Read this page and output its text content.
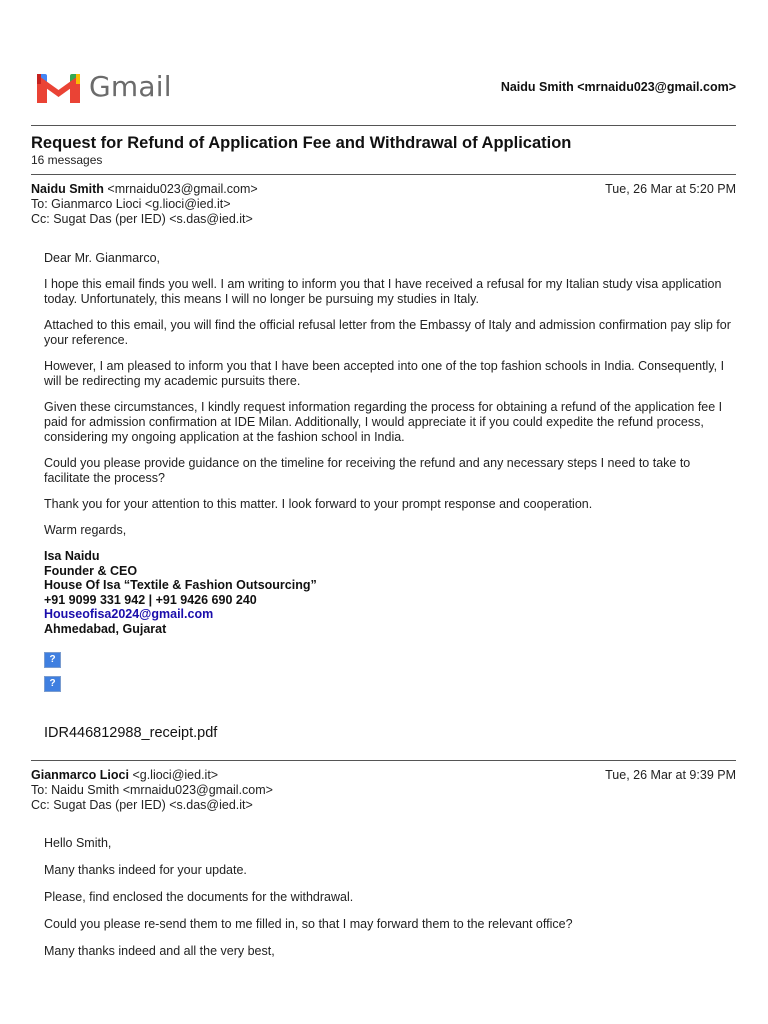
Gmail	Naidu Smith <mrnaidu023@gmail.com>
Request for Refund of Application Fee and Withdrawal of Application
16 messages
Naidu Smith <mrnaidu023@gmail.com>	Tue, 26 Mar at 5:20 PM
To: Gianmarco Lioci <g.lioci@ied.it>
Cc: Sugat Das (per IED) <s.das@ied.it>

Dear Mr. Gianmarco,

I hope this email finds you well. I am writing to inform you that I have received a refusal for my Italian study visa application today. Unfortunately, this means I will no longer be pursuing my studies in Italy.

Attached to this email, you will find the official refusal letter from the Embassy of Italy and admission confirmation pay slip for your reference.

However, I am pleased to inform you that I have been accepted into one of the top fashion schools in India. Consequently, I will be redirecting my academic pursuits there.

Given these circumstances, I kindly request information regarding the process for obtaining a refund of the application fee I paid for admission confirmation at IDE Milan. Additionally, I would appreciate it if you could expedite the refund process, considering my ongoing application at the fashion school in India.

Could you please provide guidance on the timeline for receiving the refund and any necessary steps I need to take to facilitate the process?

Thank you for your attention to this matter. I look forward to your prompt response and cooperation.

Warm regards,

Isa Naidu
Founder & CEO
House Of Isa “Textile & Fashion Outsourcing”
+91 9099 331 942 | +91 9426 690 240
Houseofisa2024@gmail.com
Ahmedabad, Gujarat
?
?
IDR446812988_receipt.pdf
Gianmarco Lioci <g.lioci@ied.it>	Tue, 26 Mar at 9:39 PM
To: Naidu Smith <mrnaidu023@gmail.com>
Cc: Sugat Das (per IED) <s.das@ied.it>

Hello Smith,

Many thanks indeed for your update.

Please, find enclosed the documents for the withdrawal.

Could you please re-send them to me filled in, so that I may forward them to the relevant office?

Many thanks indeed and all the very best,
